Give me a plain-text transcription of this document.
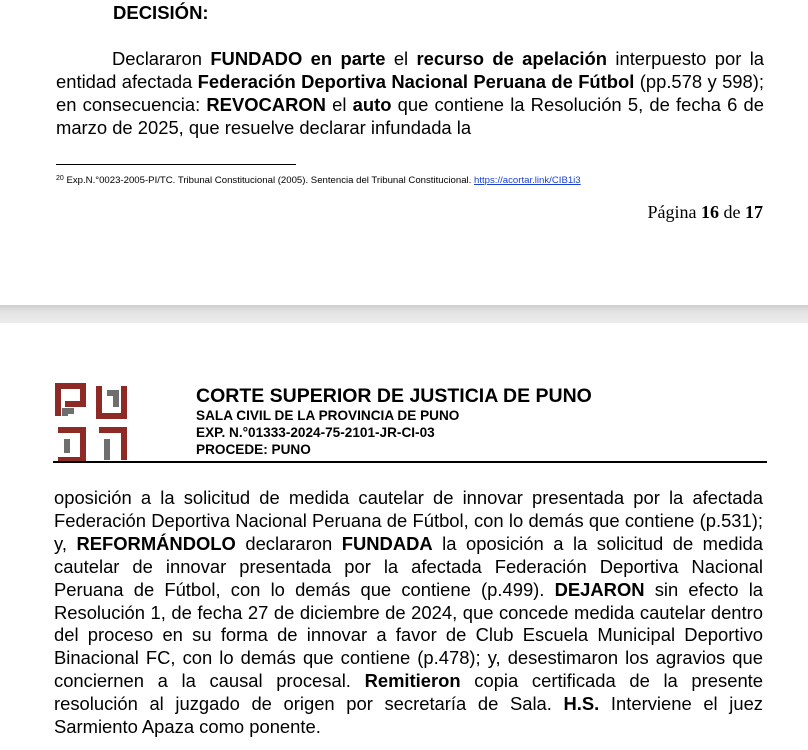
DECISIÓN:
Declararon FUNDADO en parte el recurso de apelación interpuesto por la entidad afectada Federación Deportiva Nacional Peruana de Fútbol (pp.578 y 598); en consecuencia: REVOCARON el auto que contiene la Resolución 5, de fecha 6 de marzo de 2025, que resuelve declarar infundada la
$^{20}$ Exp.N.°0023-2005-PI/TC. Tribunal Constitucional (2005). Sentencia del Tribunal Constitucional. https://acortar.link/CIB1i3
Página 16 de 17
CORTE SUPERIOR DE JUSTICIA DE PUNO
SALA CIVIL DE LA PROVINCIA DE PUNO
EXP. N.°01333-2024-75-2101-JR-CI-03
PROCEDE: PUNO
oposición a la solicitud de medida cautelar de innovar presentada por la afectada Federación Deportiva Nacional Peruana de Fútbol, con lo demás que contiene (p.531); y, REFORMÁNDOLO declararon FUNDADA la oposición a la solicitud de medida cautelar de innovar presentada por la afectada Federación Deportiva Nacional Peruana de Fútbol, con lo demás que contiene (p.499). DEJARON sin efecto la Resolución 1, de fecha 27 de diciembre de 2024, que concede medida cautelar dentro del proceso en su forma de innovar a favor de Club Escuela Municipal Deportivo Binacional FC, con lo demás que contiene (p.478); y, desestimaron los agravios que conciernen a la causal procesal. Remitieron copia certificada de la presente resolución al juzgado de origen por secretaría de Sala. H.S. Interviene el juez Sarmiento Apaza como ponente.
